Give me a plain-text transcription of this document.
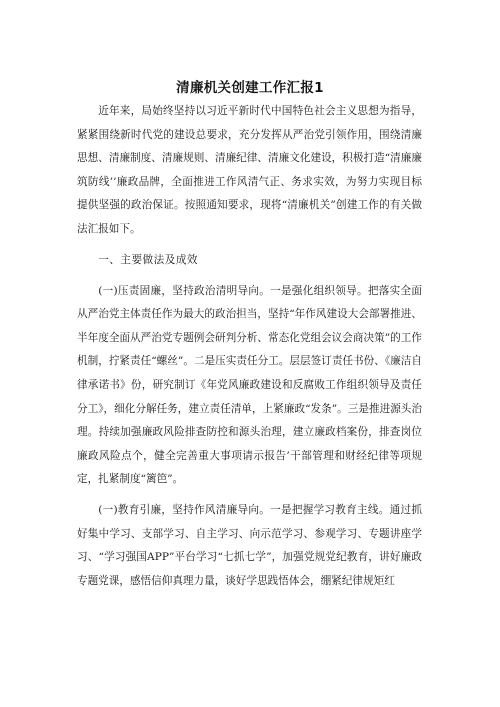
清廉机关创建工作汇报1

近年来，局始终坚持以习近平新时代中国特色社会主义思想为指导，紧紧围绕新时代党的建设总要求，充分发挥从严治党引领作用，围绕清廉思想、清廉制度、清廉规则、清廉纪律、清廉文化建设，积极打造“清廉廉筑防线’’廉政品牌，全面推进工作风清气正、务求实效，为努力实现目标提供坚强的政治保证。按照通知要求，现将“清廉机关”创建工作的有关做法汇报如下。

一、主要做法及成效

(一)压责固廉，坚持政治清明导向。一是强化组织领导。把落实全面从严治党主体责任作为最大的政治担当，坚持“年作风建设大会部署推进、半年度全面从严治党专题例会研判分析、常态化党组会议会商决策”的工作机制，拧紧责任“螺丝”。二是压实责任分工。层层签订责任书份、《廉洁自律承诺书》份，研究制订《年党风廉政建设和反腐败工作组织领导及责任分工》，细化分解任务，建立责任清单，上紧廉政“发条”。三是推进源头治理。持续加强廉政风险排查防控和源头治理，建立廉政档案份，排查岗位廉政风险点个，健全完善重大事项请示报告’干部管理和财经纪律等项规定，扎紧制度“篱笆”。

(一)教育引廉，坚持作风清廉导向。一是把握学习教育主线。通过抓好集中学习、支部学习、自主学习、向示范学习、参观学习、专题讲座学习、“学习强国APP”平台学习“七抓七学”，加强党规党纪教育，讲好廉政专题党课，感悟信仰真理力量，谈好学思践悟体会，绷紧纪律规矩红
